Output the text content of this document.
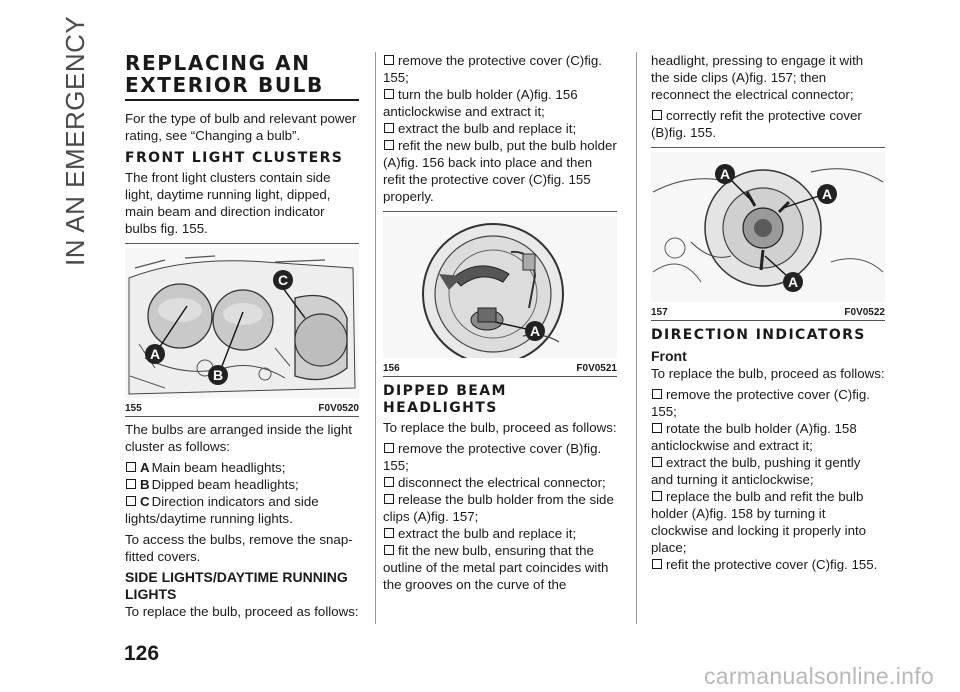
IN AN EMERGENCY REPLACING AN
EXTERIOR BULB

For the type of bulb and relevant power rating, see “Changing a bulb”.

FRONT LIGHT CLUSTERS

The front light clusters contain side light, daytime running light, dipped, main beam and direction indicator bulbs fig. 155.

A
B
C
155	F0V0520

The bulbs are arranged inside the light cluster as follows:

A Main beam headlights;
B Dipped beam headlights;
C Direction indicators and side lights/daytime running lights.

To access the bulbs, remove the snap-fitted covers.

SIDE LIGHTS/DAYTIME RUNNING LIGHTS

To replace the bulb, proceed as follows:

remove the protective cover (C)fig. 155;
turn the bulb holder (A)fig. 156 anticlockwise and extract it;
extract the bulb and replace it;
refit the new bulb, put the bulb holder (A)fig. 156 back into place and then refit the protective cover (C)fig. 155 properly.
A
156	F0V0521
DIPPED BEAM HEADLIGHTS

To replace the bulb, proceed as follows:

remove the protective cover (B)fig. 155;
disconnect the electrical connector;
release the bulb holder from the side clips (A)fig. 157;
extract the bulb and replace it;
fit the new bulb, ensuring that the outline of the metal part coincides with the grooves on the curve of the

headlight, pressing to engage it with the side clips (A)fig. 157; then reconnect the electrical connector;

correctly refit the protective cover (B)fig. 155.
A
A
A
157	F0V0522
DIRECTION INDICATORS
Front

To replace the bulb, proceed as follows:

remove the protective cover (C)fig. 155;
rotate the bulb holder (A)fig. 158 anticlockwise and extract it;
extract the bulb, pushing it gently and turning it anticlockwise;
replace the bulb and refit the bulb holder (A)fig. 158 by turning it clockwise and locking it properly into place;
refit the protective cover (C)fig. 155.
126
carmanualsonline.info
